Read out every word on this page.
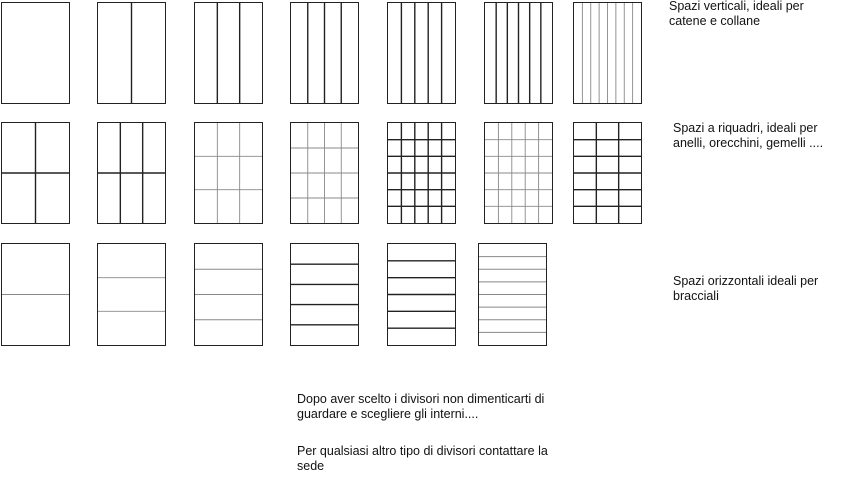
Spazi verticali, ideali per
catene e collane
Spazi a riquadri, ideali per
anelli, orecchini, gemelli ....
Spazi orizzontali ideali per
bracciali
Dopo aver scelto i divisori non dimenticarti di
guardare e scegliere gli interni....
Per qualsiasi altro tipo di divisori contattare la
sede
